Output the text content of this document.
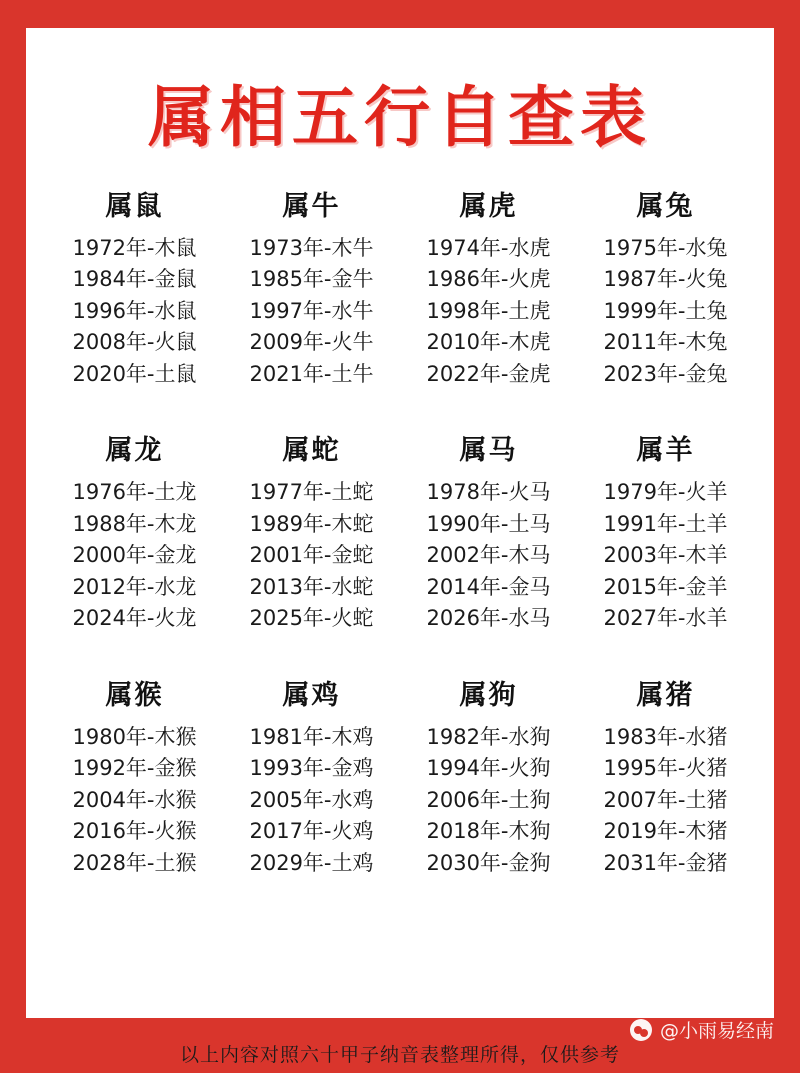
属相五行自查表
属鼠
1972年-木鼠
1984年-金鼠
1996年-水鼠
2008年-火鼠
2020年-土鼠
属牛
1973年-木牛
1985年-金牛
1997年-水牛
2009年-火牛
2021年-土牛
属虎
1974年-水虎
1986年-火虎
1998年-土虎
2010年-木虎
2022年-金虎
属兔
1975年-水兔
1987年-火兔
1999年-土兔
2011年-木兔
2023年-金兔
属龙
1976年-土龙
1988年-木龙
2000年-金龙
2012年-水龙
2024年-火龙
属蛇
1977年-土蛇
1989年-木蛇
2001年-金蛇
2013年-水蛇
2025年-火蛇
属马
1978年-火马
1990年-土马
2002年-木马
2014年-金马
2026年-水马
属羊
1979年-火羊
1991年-土羊
2003年-木羊
2015年-金羊
2027年-水羊
属猴
1980年-木猴
1992年-金猴
2004年-水猴
2016年-火猴
2028年-土猴
属鸡
1981年-木鸡
1993年-金鸡
2005年-水鸡
2017年-火鸡
2029年-土鸡
属狗
1982年-水狗
1994年-火狗
2006年-土狗
2018年-木狗
2030年-金狗
属猪
1983年-水猪
1995年-火猪
2007年-土猪
2019年-木猪
2031年-金猪
以上内容对照六十甲子纳音表整理所得，仅供参考
@小雨易经南
